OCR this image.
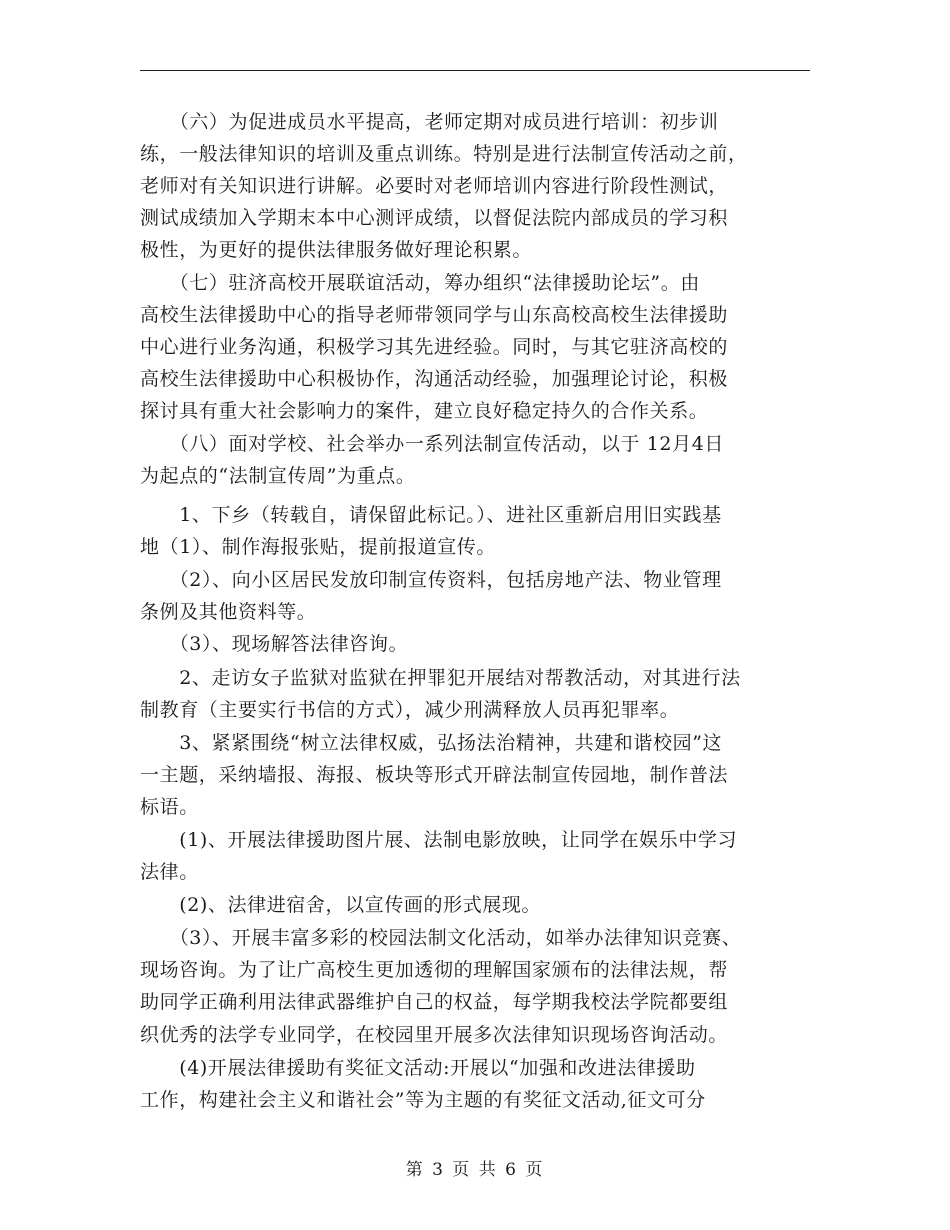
　　（六）为促进成员水平提高，老师定期对成员进行培训：初步训
练，一般法律知识的培训及重点训练。特别是进行法制宣传活动之前，
老师对有关知识进行讲解。必要时对老师培训内容进行阶段性测试，
测试成绩加入学期末本中心测评成绩，以督促法院内部成员的学习积
极性，为更好的提供法律服务做好理论积累。
　　（七）驻济高校开展联谊活动，筹办组织“法律援助论坛”。由
高校生法律援助中心的指导老师带领同学与山东高校高校生法律援助
中心进行业务沟通，积极学习其先进经验。同时，与其它驻济高校的
高校生法律援助中心积极协作，沟通活动经验，加强理论讨论，积极
探讨具有重大社会影响力的案件，建立良好稳定持久的合作关系。
　　（八）面对学校、社会举办一系列法制宣传活动，以于 12月4日
为起点的“法制宣传周”为重点。
　　1、下乡（转载自，请保留此标记。）、进社区重新启用旧实践基
地（1）、制作海报张贴，提前报道宣传。
　　（2）、向小区居民发放印制宣传资料，包括房地产法、物业管理
条例及其他资料等。
　　（3）、现场解答法律咨询。
　　2、走访女子监狱对监狱在押罪犯开展结对帮教活动，对其进行法
制教育（主要实行书信的方式），减少刑满释放人员再犯罪率。
　　3、紧紧围绕“树立法律权威，弘扬法治精神，共建和谐校园”这
一主题，采纳墙报、海报、板块等形式开辟法制宣传园地，制作普法
标语。
　　(1)、开展法律援助图片展、法制电影放映，让同学在娱乐中学习
法律。
　　(2)、法律进宿舍，以宣传画的形式展现。
　　（3）、开展丰富多彩的校园法制文化活动，如举办法律知识竞赛、
现场咨询。为了让广高校生更加透彻的理解国家颁布的法律法规，帮
助同学正确利用法律武器维护自己的权益，每学期我校法学院都要组
织优秀的法学专业同学，在校园里开展多次法律知识现场咨询活动。
　　(4)开展法律援助有奖征文活动:开展以“加强和改进法律援助
工作，构建社会主义和谐社会”等为主题的有奖征文活动,征文可分
第 3 页 共 6 页
